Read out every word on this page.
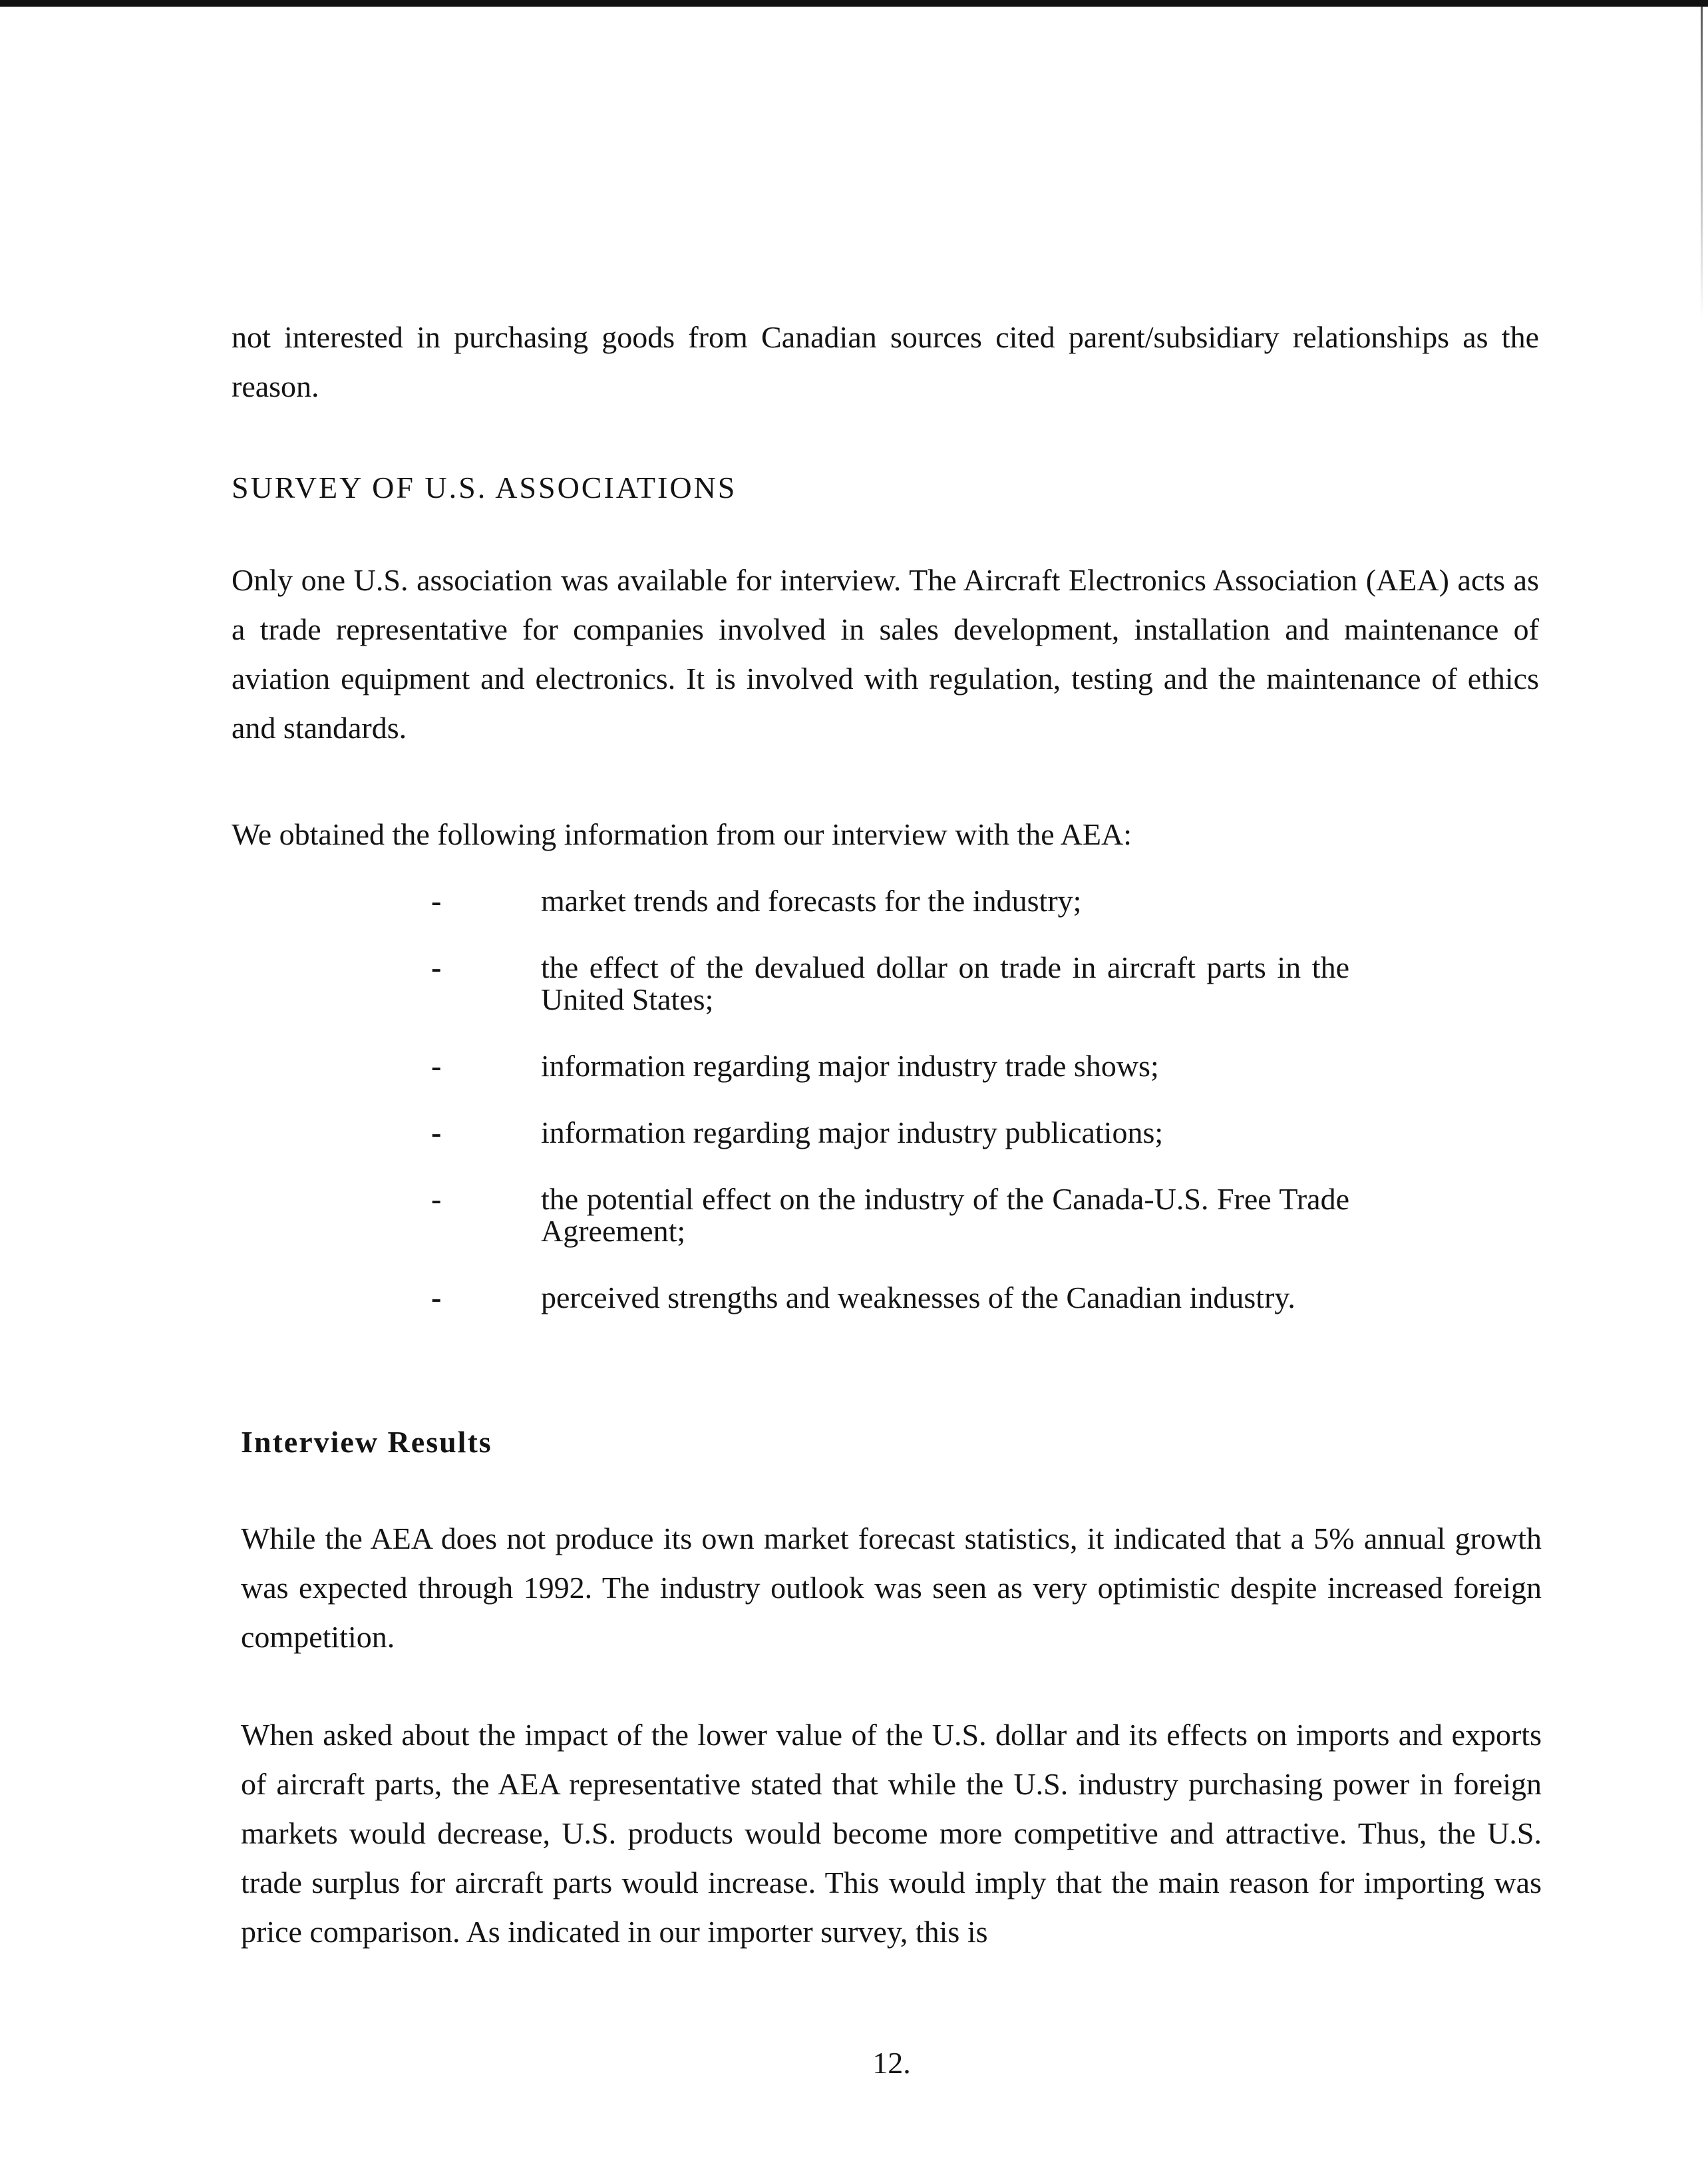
not interested in purchasing goods from Canadian sources cited parent/subsidiary relationships as the reason.

SURVEY OF U.S. ASSOCIATIONS

Only one U.S. association was available for interview. The Aircraft Electronics Association (AEA) acts as a trade representative for companies involved in sales development, installation and maintenance of aviation equipment and electronics. It is involved with regulation, testing and the maintenance of ethics and standards.

We obtained the following information from our interview with the AEA:

-	market trends and forecasts for the industry;
-	the effect of the devalued dollar on trade in aircraft parts in the United States;
-	information regarding major industry trade shows;
-	information regarding major industry publications;
-	the potential effect on the industry of the Canada-U.S. Free Trade Agreement;
-	perceived strengths and weaknesses of the Canadian industry.
Interview Results

While the AEA does not produce its own market forecast statistics, it indicated that a 5% annual growth was expected through 1992. The industry outlook was seen as very optimistic despite increased foreign competition.

When asked about the impact of the lower value of the U.S. dollar and its effects on imports and exports of aircraft parts, the AEA representative stated that while the U.S. industry purchasing power in foreign markets would decrease, U.S. products would become more competitive and attractive. Thus, the U.S. trade surplus for aircraft parts would increase. This would imply that the main reason for importing was price comparison. As indicated in our importer survey, this is

12.
